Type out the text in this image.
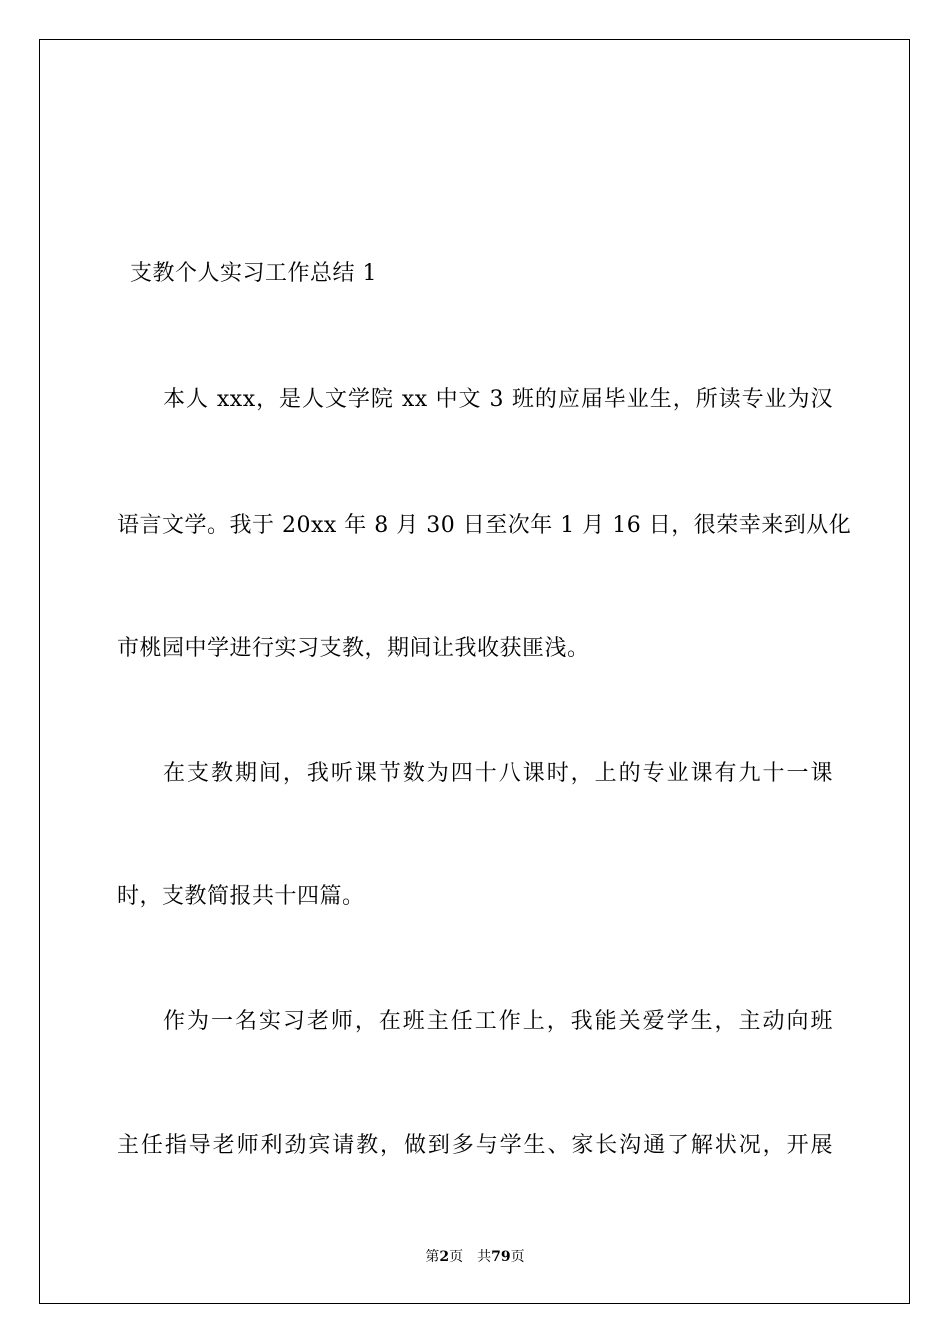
支教个人实习工作总结 1
本人 xxx，是人文学院 xx 中文 3 班的应届毕业生，所读专业为汉
语言文学。我于 20xx 年 8 月 30 日至次年 1 月 16 日，很荣幸来到从化
市桃园中学进行实习支教，期间让我收获匪浅。
在支教期间，我听课节数为四十八课时，上的专业课有九十一课
时，支教简报共十四篇。
作为一名实习老师，在班主任工作上，我能关爱学生，主动向班
主任指导老师利劲宾请教，做到多与学生、家长沟通了解状况，开展
第2页 共79页
